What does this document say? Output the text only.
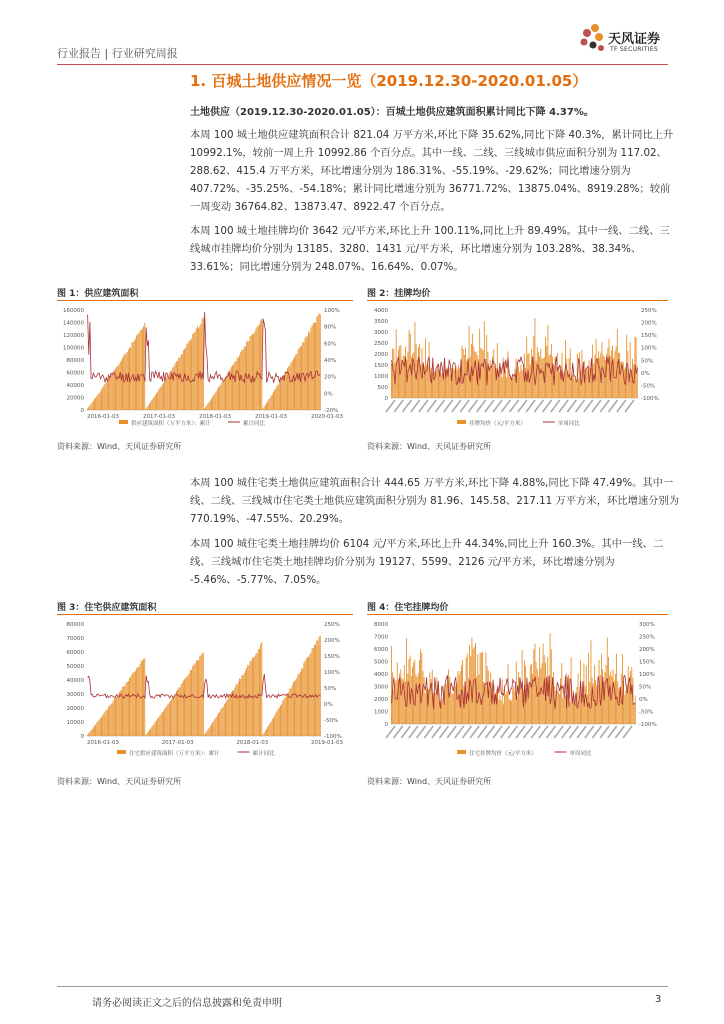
行业报告 | 行业研究周报
天风证券
TF SECURITIES
1. 百城土地供应情况一览（2019.12.30-2020.01.05）
土地供应（2019.12.30-2020.01.05）：百城土地供应建筑面积累计同比下降 4.37%。
本周 100 城土地供应建筑面积合计 821.04 万平方米,环比下降 35.62%,同比下降 40.3%，累计同比上升 10992.1%，较前一周上升 10992.86 个百分点。其中一线、二线、三线城市供应面积分别为 117.02、288.62、415.4 万平方米，环比增速分别为 186.31%、-55.19%、-29.62%；同比增速分别为 407.72%、-35.25%、-54.18%；累计同比增速分别为 36771.72%、13875.04%、8919.28%；较前一周变动 36764.82、13873.47、8922.47 个百分点。
本周 100 城土地挂牌均价 3642 元/平方米,环比上升 100.11%,同比上升 89.49%。其中一线、二线、三线城市挂牌均价分别为 13185、3280、1431 元/平方米，环比增速分别为 103.28%、38.34%、33.61%；同比增速分别为 248.07%、16.64%、0.07%。
图 1：供应建筑面积
0
20000
40000
60000
80000
100000
120000
140000
160000
-20%
0%
20%
40%
60%
80%
100%
2016-01-03	2017-01-03	2018-01-03	2019-01-03	2020-01-03
供应建筑面积（万平方米）：累计	累计同比
资料来源：Wind、天风证券研究所
图 2：挂牌均价
0
500
1000
1500
2000
2500
3000
3500
4000
-100%
-50%
0%
50%
100%
150%
200%
250%
挂牌均价（元/平方米）	单周同比
资料来源：Wind、天风证券研究所
本周 100 城住宅类土地供应建筑面积合计 444.65 万平方米,环比下降 4.88%,同比下降 47.49%。其中一线、二线、三线城市住宅类土地供应建筑面积分别为 81.96、145.58、217.11 万平方米，环比增速分别为 770.19%、-47.55%、20.29%。
本周 100 城住宅类土地挂牌均价 6104 元/平方米,环比上升 44.34%,同比上升 160.3%。其中一线、二线、三线城市住宅类土地挂牌均价分别为 19127、5599、2126 元/平方米，环比增速分别为 -5.46%、-5.77%、7.05%。
图 3：住宅供应建筑面积
0
10000
20000
30000
40000
50000
60000
70000
80000
-100%
-50%
0%
50%
100%
150%
200%
250%
2016-01-03	2017-01-03	2018-01-03	2019-01-03
住宅供应建筑面积（万平方米）：累计	累计同比
资料来源：Wind、天风证券研究所
图 4：住宅挂牌均价
0
1000
2000
3000
4000
5000
6000
7000
8000
-100%
-50%
0%
50%
100%
150%
200%
250%
300%
住宅挂牌均价（元/平方米）	单周同比
资料来源：Wind、天风证券研究所
请务必阅读正文之后的信息披露和免责申明	3
